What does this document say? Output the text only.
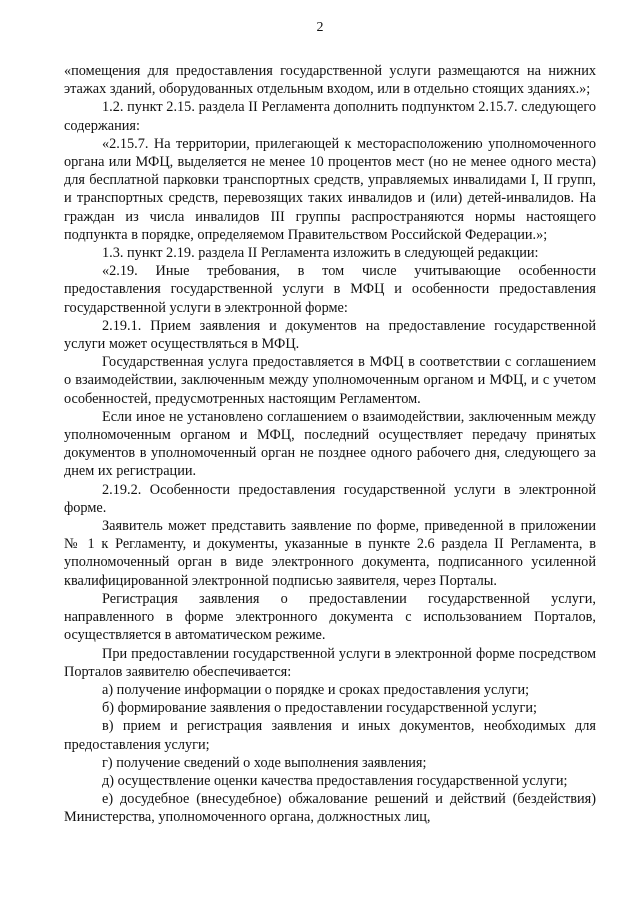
2

«помещения для предоставления государственной услуги размещаются на нижних этажах зданий, оборудованных отдельным входом, или в отдельно стоящих зданиях.»;

1.2. пункт 2.15. раздела II Регламента дополнить подпунктом 2.15.7. следующего содержания:

«2.15.7. На территории, прилегающей к месторасположению уполномоченного органа или МФЦ, выделяется не менее 10 процентов мест (но не менее одного места) для бесплатной парковки транспортных средств, управляемых инвалидами I, II групп, и транспортных средств, перевозящих таких инвалидов и (или) детей-инвалидов. На граждан из числа инвалидов III группы распространяются нормы настоящего подпункта в порядке, определяемом Правительством Российской Федерации.»;

1.3. пункт 2.19. раздела II Регламента изложить в следующей редакции:

«2.19. Иные требования, в том числе учитывающие особенности предоставления государственной услуги в МФЦ и особенности предоставления государственной услуги в электронной форме:

2.19.1. Прием заявления и документов на предоставление государственной услуги может осуществляться в МФЦ.

Государственная услуга предоставляется в МФЦ в соответствии с соглашением о взаимодействии, заключенным между уполномоченным органом и МФЦ, и с учетом особенностей, предусмотренных настоящим Регламентом.

Если иное не установлено соглашением о взаимодействии, заключенным между уполномоченным органом и МФЦ, последний осуществляет передачу принятых документов в уполномоченный орган не позднее одного рабочего дня, следующего за днем их регистрации.

2.19.2. Особенности предоставления государственной услуги в электронной форме.

Заявитель может представить заявление по форме, приведенной в приложении № 1 к Регламенту, и документы, указанные в пункте 2.6 раздела II Регламента, в уполномоченный орган в виде электронного документа, подписанного усиленной квалифицированной электронной подписью заявителя, через Порталы.

Регистрация заявления о предоставлении государственной услуги, направленного в форме электронного документа с использованием Порталов, осуществляется в автоматическом режиме.

При предоставлении государственной услуги в электронной форме посредством Порталов заявителю обеспечивается:

а) получение информации о порядке и сроках предоставления услуги;

б) формирование заявления о предоставлении государственной услуги;

в) прием и регистрация заявления и иных документов, необходимых для предоставления услуги;

г) получение сведений о ходе выполнения заявления;

д) осуществление оценки качества предоставления государственной услуги;

е) досудебное (внесудебное) обжалование решений и действий (бездействия) Министерства, уполномоченного органа, должностных лиц,
